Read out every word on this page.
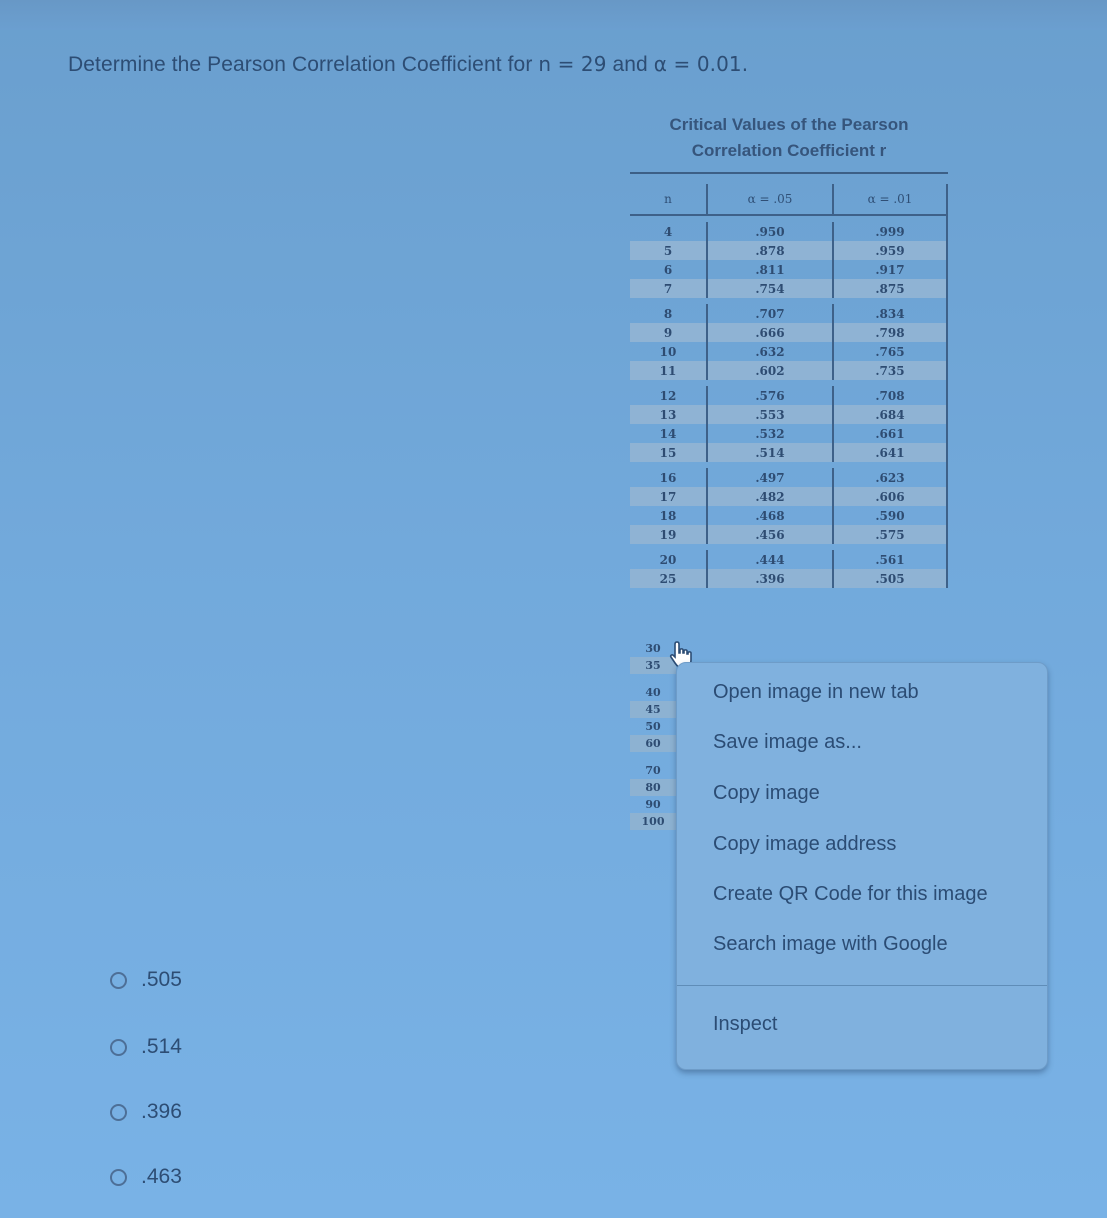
Determine the Pearson Correlation Coefficient for n = 29 and α = 0.01.
Critical Values of the Pearson
Correlation Coefficient r
n	α = .05	α = .01
4	.950	.999
5	.878	.959
6	.811	.917
7	.754	.875
8	.707	.834
9	.666	.798
10	.632	.765
11	.602	.735
12	.576	.708
13	.553	.684
14	.532	.661
15	.514	.641
16	.497	.623
17	.482	.606
18	.468	.590
19	.456	.575
20	.444	.561
25	.396	.505
30
35
40
45
50
60
70
80
90
100
Open image in new tab
Save image as...
Copy image
Copy image address
Create QR Code for this image
Search image with Google
Inspect
.505
.514
.396
.463
